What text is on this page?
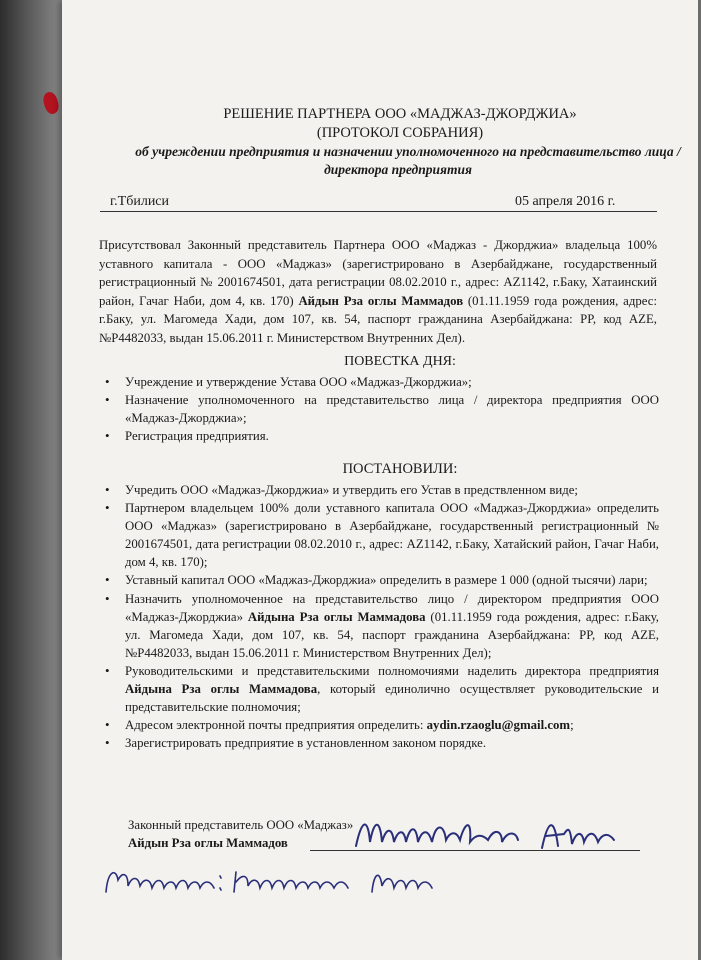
РЕШЕНИЕ ПАРТНЕРА ООО «МАДЖАЗ-ДЖОРДЖИА»
(ПРОТОКОЛ СОБРАНИЯ)
об учреждении предприятия и назначении уполномоченного на представительство лица /
директора предприятия
г.Тбилиси	05 апреля 2016 г.
Присутствовал Законный представитель Партнера ООО «Маджаз - Джорджиа» владельца 100% уставного капитала - ООО «Маджаз» (зарегистрировано в Азербайджане, государственный регистрационный № 2001674501, дата регистрации 08.02.2010 г., адрес: AZ1142, г.Баку, Хатаинский район, Гачаг Наби, дом 4, кв. 170) Айдын Рза оглы Маммадов (01.11.1959 года рождения, адрес: г.Баку, ул. Магомеда Хади, дом 107, кв. 54, паспорт гражданина Азербайджана: PP, код AZE, №P4482033, выдан 15.06.2011 г. Министерством Внутренних Дел).
ПОВЕСТКА ДНЯ:
• Учреждение и утверждение Устава ООО «Маджаз-Джорджиа»;
• Назначение уполномоченного на представительство лица / директора предприятия ООО «Маджаз-Джорджиа»;
• Регистрация предприятия.
ПОСТАНОВИЛИ:
• Учредить ООО «Маджаз-Джорджиа» и утвердить его Устав в предствленном виде;
• Партнером владельцем 100% доли уставного капитала ООО «Маджаз-Джорджиа» определить ООО «Маджаз» (зарегистрировано в Азербайджане, государственный регистрационный № 2001674501, дата регистрации 08.02.2010 г., адрес: AZ1142, г.Баку, Хатайский район, Гачаг Наби, дом 4, кв. 170);
• Уставный капитал ООО «Маджаз-Джорджиа» определить в размере 1 000 (одной тысячи) лари;
• Назначить уполномоченное на представительство лицо / директором предприятия ООО «Маджаз-Джорджиа» Айдына Рза оглы Маммадова (01.11.1959 года рождения, адрес: г.Баку, ул. Магомеда Хади, дом 107, кв. 54, паспорт гражданина Азербайджана: PP, код AZE, №P4482033, выдан 15.06.2011 г. Министерством Внутренних Дел);
• Руководительскими и представительскими полномочиями наделить директора предприятия Айдына Рза оглы Маммадова, который единолично осуществляет руководительские и представительские полномочия;
• Адресом электронной почты предприятия определить: aydin.rzaoglu@gmail.com;
• Зарегистрировать предприятие в установленном законом порядке.
Законный представитель ООО «Маджаз»
Айдын Рза оглы Маммадов
